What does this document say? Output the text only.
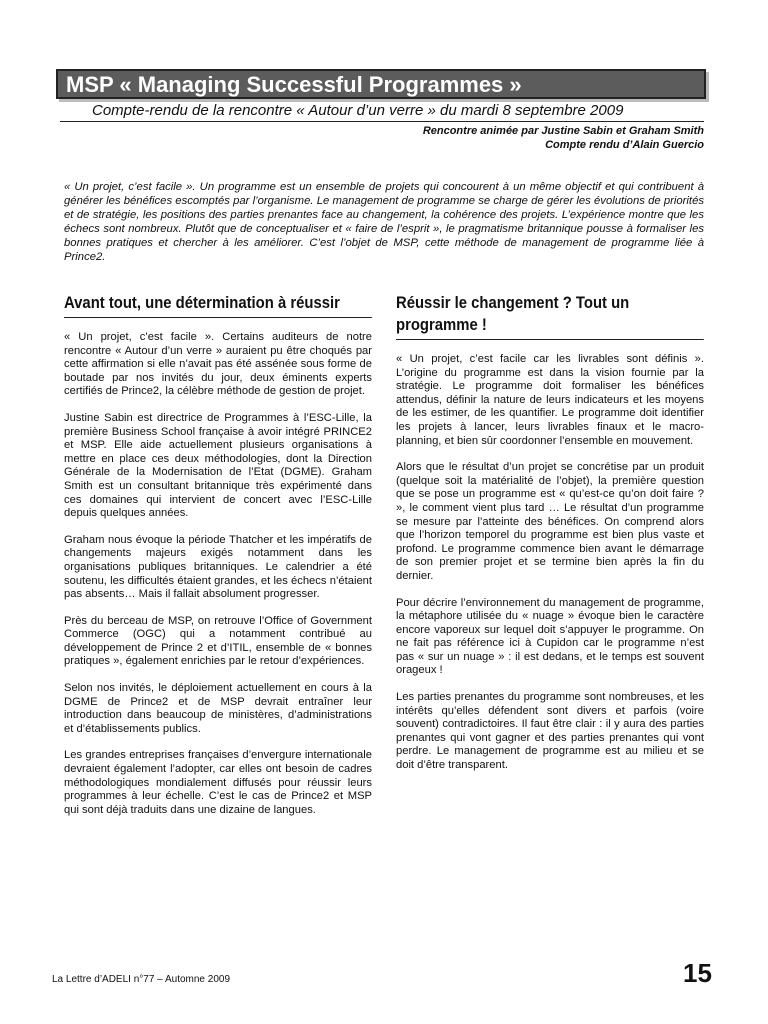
MSP « Managing Successful Programmes »
Compte-rendu de la rencontre « Autour d’un verre » du mardi 8 septembre 2009
Rencontre animée par Justine Sabin et Graham Smith
Compte rendu d’Alain Guercio

« Un projet, c’est facile ». Un programme est un ensemble de projets qui concourent à un même objectif et qui contribuent à générer les bénéfices escomptés par l’organisme. Le management de programme se charge de gérer les évolutions de priorités et de stratégie, les positions des parties prenantes face au changement, la cohérence des projets. L’expérience montre que les échecs sont nombreux. Plutôt que de conceptualiser et « faire de l’esprit », le pragmatisme britannique pousse à formaliser les bonnes pratiques et chercher à les améliorer. C’est l’objet de MSP, cette méthode de management de programme liée à Prince2.

Avant tout, une détermination à réussir

« Un projet, c’est facile ». Certains auditeurs de notre rencontre « Autour d’un verre » auraient pu être choqués par cette affirmation si elle n’avait pas été assénée sous forme de boutade par nos invités du jour, deux éminents experts certifiés de Prince2, la célèbre méthode de gestion de projet.

Justine Sabin est directrice de Programmes à l’ESC-Lille, la première Business School française à avoir intégré PRINCE2 et MSP. Elle aide actuellement plusieurs organisations à mettre en place ces deux méthodologies, dont la Direction Générale de la Modernisation de l’Etat (DGME). Graham Smith est un consultant britannique très expérimenté dans ces domaines qui intervient de concert avec l’ESC-Lille depuis quelques années.

Graham nous évoque la période Thatcher et les impératifs de changements majeurs exigés notamment dans les organisations publiques britanniques. Le calendrier a été soutenu, les difficultés étaient grandes, et les échecs n’étaient pas absents… Mais il fallait absolument progresser.

Près du berceau de MSP, on retrouve l’Office of Government Commerce (OGC) qui a notamment contribué au développement de Prince 2 et d’ITIL, ensemble de « bonnes pratiques », également enrichies par le retour d’expériences.

Selon nos invités, le déploiement actuellement en cours à la DGME de Prince2 et de MSP devrait entraîner leur introduction dans beaucoup de ministères, d’administrations et d’établissements publics.

Les grandes entreprises françaises d’envergure internationale devraient également l’adopter, car elles ont besoin de cadres méthodologiques mondialement diffusés pour réussir leurs programmes à leur échelle. C’est le cas de Prince2 et MSP qui sont déjà traduits dans une dizaine de langues.

Réussir le changement ? Tout un programme !

« Un projet, c’est facile car les livrables sont définis ». L’origine du programme est dans la vision fournie par la stratégie. Le programme doit formaliser les bénéfices attendus, définir la nature de leurs indicateurs et les moyens de les estimer, de les quantifier. Le programme doit identifier les projets à lancer, leurs livrables finaux et le macro-planning, et bien sûr coordonner l’ensemble en mouvement.

Alors que le résultat d’un projet se concrétise par un produit (quelque soit la matérialité de l’objet), la première question que se pose un programme est « qu’est-ce qu’on doit faire ? », le comment vient plus tard … Le résultat d’un programme se mesure par l’atteinte des bénéfices. On comprend alors que l’horizon temporel du programme est bien plus vaste et profond. Le programme commence bien avant le démarrage de son premier projet et se termine bien après la fin du dernier.

Pour décrire l’environnement du management de programme, la métaphore utilisée du « nuage » évoque bien le caractère encore vaporeux sur lequel doit s’appuyer le programme. On ne fait pas référence ici à Cupidon car le programme n’est pas « sur un nuage » : il est dedans, et le temps est souvent orageux !

Les parties prenantes du programme sont nombreuses, et les intérêts qu’elles défendent sont divers et parfois (voire souvent) contradictoires. Il faut être clair : il y aura des parties prenantes qui vont gagner et des parties prenantes qui vont perdre. Le management de programme est au milieu et se doit d’être transparent.

La Lettre d’ADELI n°77 – Automne 2009	15
